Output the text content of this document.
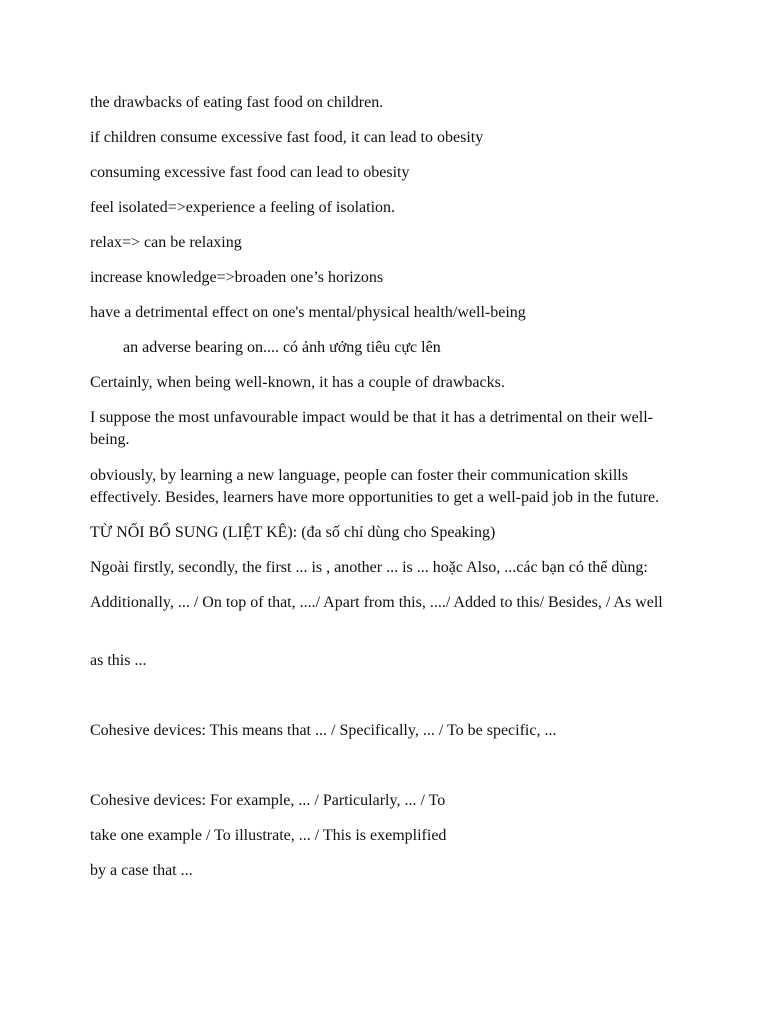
the drawbacks of eating fast food on children.

if children consume excessive fast food, it can lead to obesity

consuming excessive fast food can lead to obesity

feel isolated=>experience a feeling of isolation.

relax=> can be relaxing

increase knowledge=>broaden one’s horizons

have a detrimental effect on one's mental/physical health/well-being

an adverse bearing on.... có ảnh ưởng tiêu cực lên

Certainly, when being well-known, it has a couple of drawbacks.

I suppose the most unfavourable impact would be that it has a detrimental on their well-being.

obviously, by learning a new language, people can foster their communication skills effectively. Besides, learners have more opportunities to get a well-paid job in the future.

TỪ NỐI BỔ SUNG (LIỆT KÊ): (đa số chỉ dùng cho Speaking)

Ngoài firstly, secondly, the first ... is , another ... is ... hoặc Also, ...các bạn có thể dùng:

Additionally, ... / On top of that, ..../ Apart from this, ..../ Added to this/ Besides, / As well

as this ...

Cohesive devices: This means that ... / Specifically, ... / To be specific, ...

Cohesive devices: For example, ... / Particularly, ... / To

take one example / To illustrate, ... / This is exemplified

by a case that ...
